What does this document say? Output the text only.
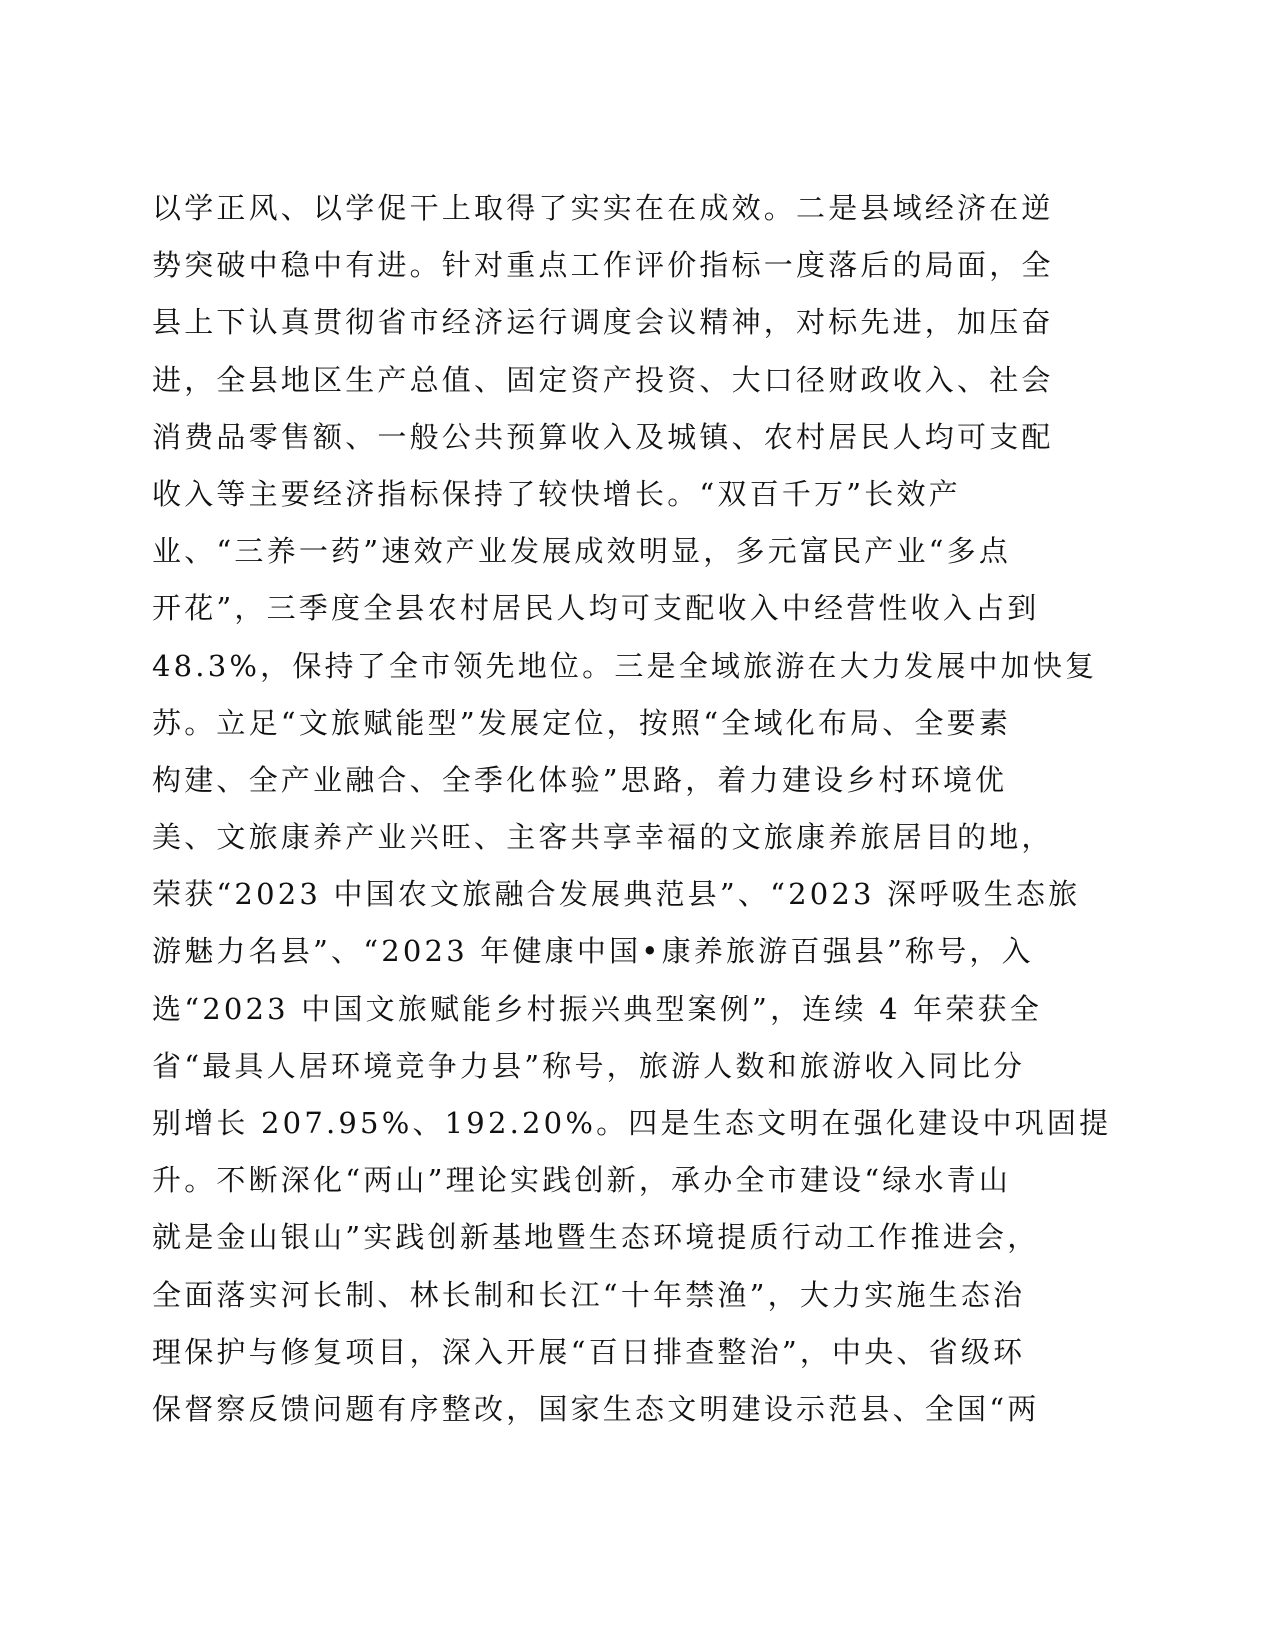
以学正风、以学促干上取得了实实在在成效。二是县域经济在逆
势突破中稳中有进。针对重点工作评价指标一度落后的局面，全
县上下认真贯彻省市经济运行调度会议精神，对标先进，加压奋
进，全县地区生产总值、固定资产投资、大口径财政收入、社会
消费品零售额、一般公共预算收入及城镇、农村居民人均可支配
收入等主要经济指标保持了较快增长。“双百千万”长效产
业、“三养一药”速效产业发展成效明显，多元富民产业“多点
开花”，三季度全县农村居民人均可支配收入中经营性收入占到
48.3%，保持了全市领先地位。三是全域旅游在大力发展中加快复
苏。立足“文旅赋能型”发展定位，按照“全域化布局、全要素
构建、全产业融合、全季化体验”思路，着力建设乡村环境优
美、文旅康养产业兴旺、主客共享幸福的文旅康养旅居目的地，
荣获“2023 中国农文旅融合发展典范县”、“2023 深呼吸生态旅
游魅力名县”、“2023 年健康中国•康养旅游百强县”称号，入
选“2023 中国文旅赋能乡村振兴典型案例”，连续 4 年荣获全
省“最具人居环境竞争力县”称号，旅游人数和旅游收入同比分
别增长 207.95%、192.20%。四是生态文明在强化建设中巩固提
升。不断深化“两山”理论实践创新，承办全市建设“绿水青山
就是金山银山”实践创新基地暨生态环境提质行动工作推进会，
全面落实河长制、林长制和长江“十年禁渔”，大力实施生态治
理保护与修复项目，深入开展“百日排查整治”，中央、省级环
保督察反馈问题有序整改，国家生态文明建设示范县、全国“两
